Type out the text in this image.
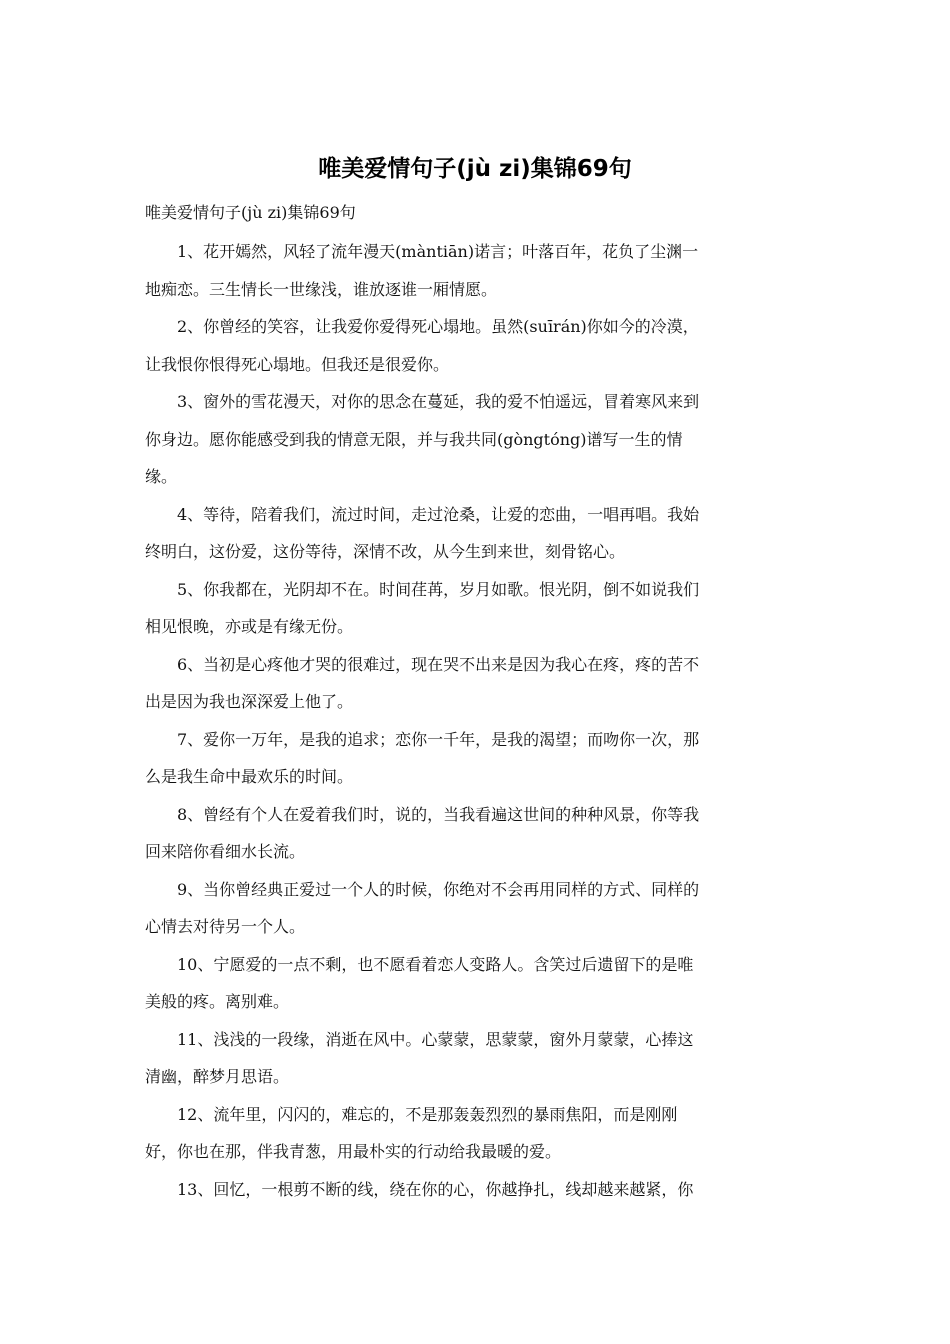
唯美爱情句子(jù zi)集锦69句

唯美爱情句子(jù zi)集锦69句

1、花开嫣然，风轻了流年漫天(màntiān)诺言；叶落百年，花负了尘渊一
地痴恋。三生情长一世缘浅，谁放逐谁一厢情愿。

2、你曾经的笑容，让我爱你爱得死心塌地。虽然(suīrán)你如今的冷漠，
让我恨你恨得死心塌地。但我还是很爱你。

3、窗外的雪花漫天，对你的思念在蔓延，我的爱不怕遥远，冒着寒风来到
你身边。愿你能感受到我的情意无限，并与我共同(gòngtóng)谱写一生的情
缘。

4、等待，陪着我们，流过时间，走过沧桑，让爱的恋曲，一唱再唱。我始
终明白，这份爱，这份等待，深情不改，从今生到来世，刻骨铭心。

5、你我都在，光阴却不在。时间荏苒，岁月如歌。恨光阴，倒不如说我们
相见恨晚，亦或是有缘无份。

6、当初是心疼他才哭的很难过，现在哭不出来是因为我心在疼，疼的苦不
出是因为我也深深爱上他了。

7、爱你一万年，是我的追求；恋你一千年，是我的渴望；而吻你一次，那
么是我生命中最欢乐的时间。

8、曾经有个人在爱着我们时，说的，当我看遍这世间的种种风景，你等我
回来陪你看细水长流。

9、当你曾经典正爱过一个人的时候，你绝对不会再用同样的方式、同样的
心情去对待另一个人。

10、宁愿爱的一点不剩，也不愿看着恋人变路人。含笑过后遗留下的是唯
美般的疼。离别难。

11、浅浅的一段缘，消逝在风中。心蒙蒙，思蒙蒙，窗外月蒙蒙，心捧这
清幽，醉梦月思语。

12、流年里，闪闪的，难忘的，不是那轰轰烈烈的暴雨焦阳，而是刚刚
好，你也在那，伴我青葱，用最朴实的行动给我最暖的爱。

13、回忆，一根剪不断的线，绕在你的心，你越挣扎，线却越来越紧，你
